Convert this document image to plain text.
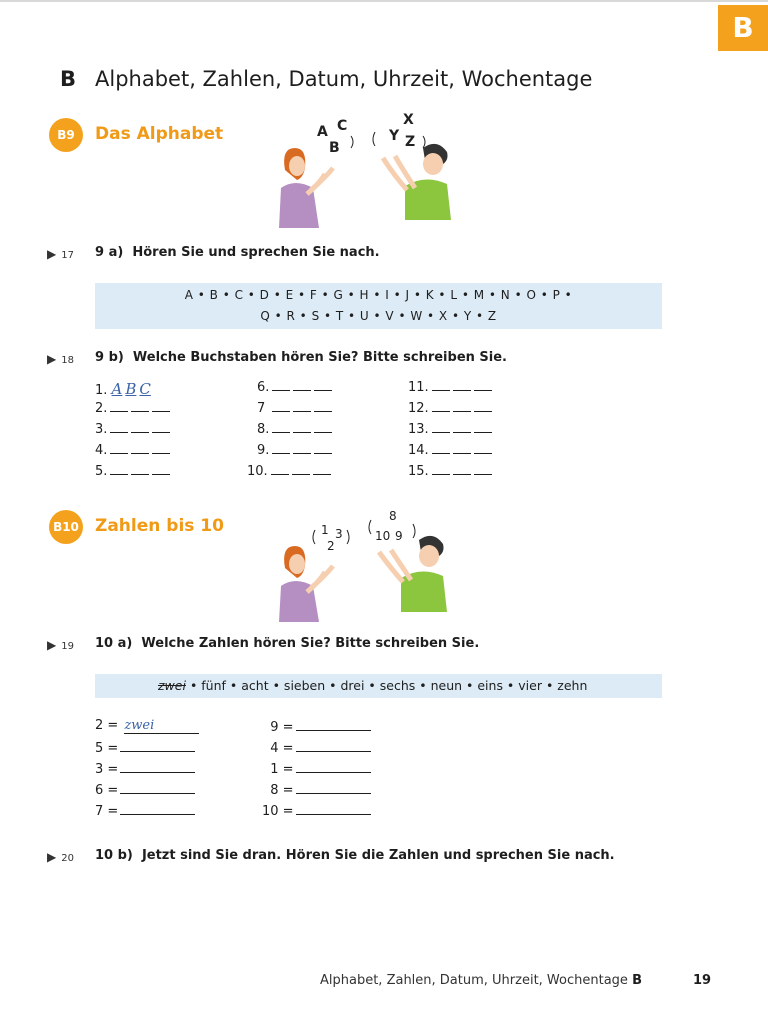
B
B Alphabet, Zahlen, Datum, Uhrzeit, Wochentage
B9	Das Alphabet	A C
B
X
Y Z
▶ 17 9 a) Hören Sie und sprechen Sie nach.
A • B • C • D • E • F • G • H • I • J • K • L • M • N • O • P •
Q • R • S • T • U • V • W • X • Y • Z
▶ 18 9 b) Welche Buchstaben hören Sie? Bitte schreiben Sie.
1. A B C
2.
3.
4.
5.
6.
7
8.
9.
10.
11.
12.
13.
14.
15.
B10 Zahlen bis 10	1 3
2
8
10 9
▶ 19 10 a) Welche Zahlen hören Sie? Bitte schreiben Sie.
zwei • fünf • acht • sieben • drei • sechs • neun • eins • vier • zehn
2 = zwei
5 =
3 =
6 =
7 =
9 =
4 =
1 =
8 =
10 =
▶ 20 10 b) Jetzt sind Sie dran. Hören Sie die Zahlen und sprechen Sie nach.
Alphabet, Zahlen, Datum, Uhrzeit, Wochentage B	19
